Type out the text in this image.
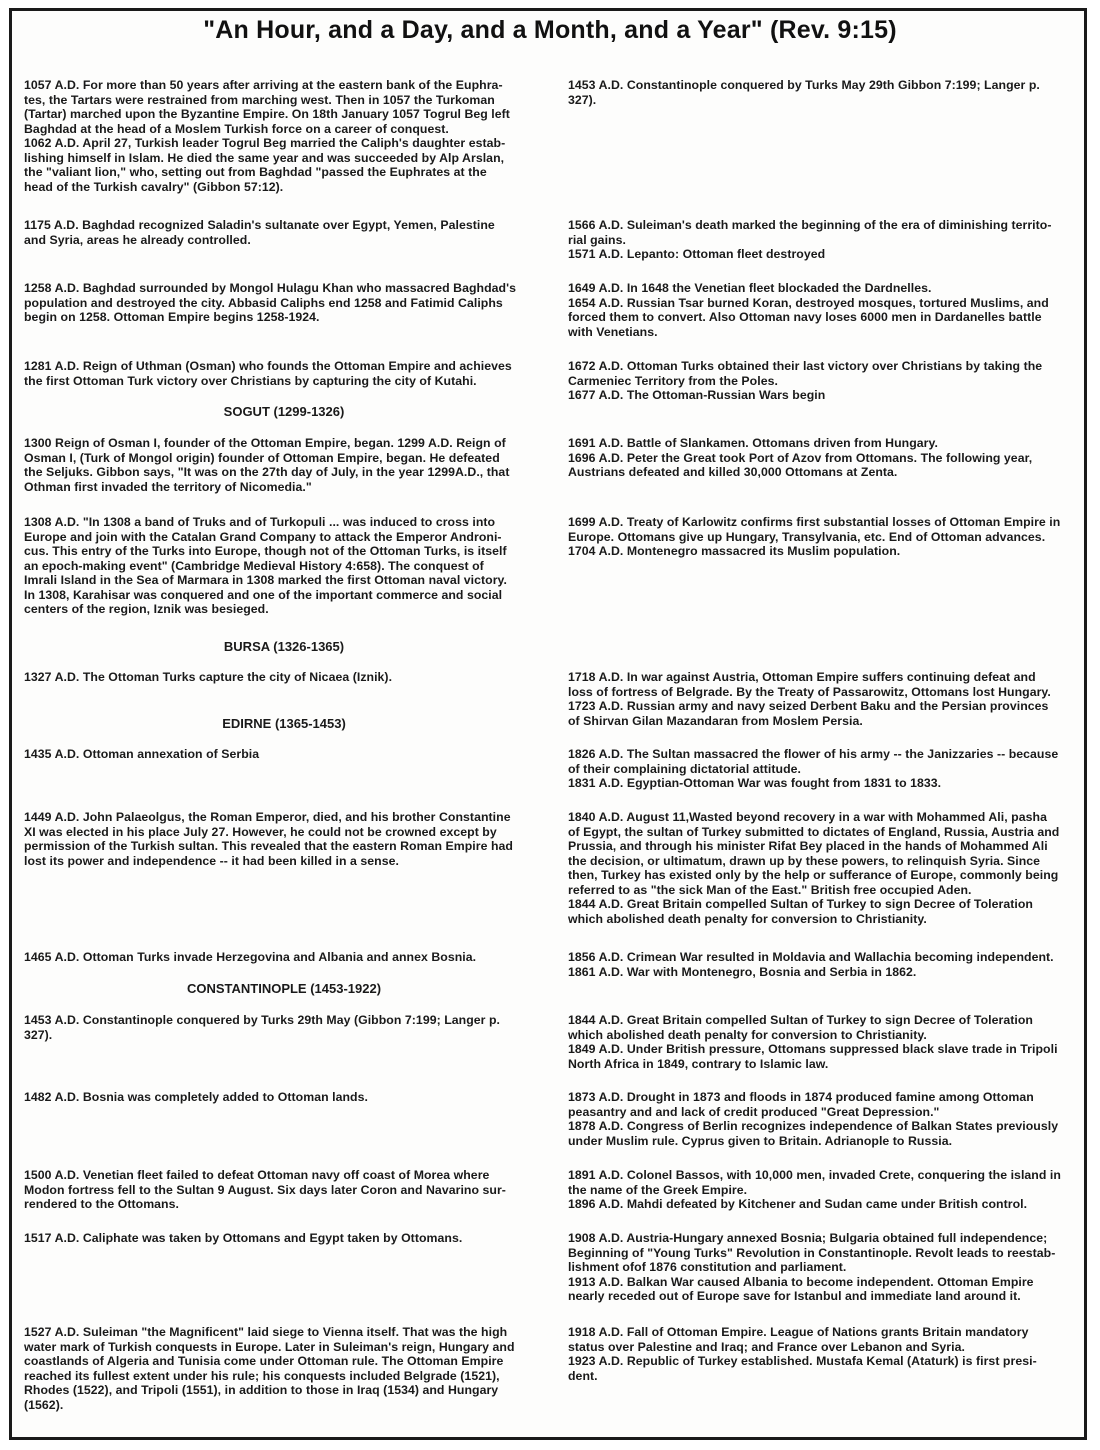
"An Hour, and a Day, and a Month, and a Year" (Rev. 9:15)
1057 A.D. For more than 50 years after arriving at the eastern bank of the Euphra-
tes, the Tartars were restrained from marching west. Then in 1057 the Turkoman
(Tartar) marched upon the Byzantine Empire. On 18th January 1057 Togrul Beg left
Baghdad at the head of a Moslem Turkish force on a career of conquest.
1062 A.D. April 27, Turkish leader Togrul Beg married the Caliph's daughter estab-
lishing himself in Islam. He died the same year and was succeeded by Alp Arslan,
the "valiant lion," who, setting out from Baghdad "passed the Euphrates at the
head of the Turkish cavalry" (Gibbon 57:12).
1175 A.D. Baghdad recognized Saladin's sultanate over Egypt, Yemen, Palestine
and Syria, areas he already controlled.
1258 A.D. Baghdad surrounded by Mongol Hulagu Khan who massacred Baghdad's
population and destroyed the city. Abbasid Caliphs end 1258 and Fatimid Caliphs
begin on 1258. Ottoman Empire begins 1258-1924.
1281 A.D. Reign of Uthman (Osman) who founds the Ottoman Empire and achieves
the first Ottoman Turk victory over Christians by capturing the city of Kutahi.
SOGUT (1299-1326)
1300 Reign of Osman I, founder of the Ottoman Empire, began. 1299 A.D. Reign of
Osman I, (Turk of Mongol origin) founder of Ottoman Empire, began. He defeated
the Seljuks. Gibbon says, "It was on the 27th day of July, in the year 1299A.D., that
Othman first invaded the territory of Nicomedia."
1308 A.D. "In 1308 a band of Truks and of Turkopuli ... was induced to cross into
Europe and join with the Catalan Grand Company to attack the Emperor Androni-
cus. This entry of the Turks into Europe, though not of the Ottoman Turks, is itself
an epoch-making event" (Cambridge Medieval History 4:658). The conquest of
Imrali Island in the Sea of Marmara in 1308 marked the first Ottoman naval victory.
In 1308, Karahisar was conquered and one of the important commerce and social
centers of the region, Iznik was besieged.
BURSA (1326-1365)
1327 A.D. The Ottoman Turks capture the city of Nicaea (Iznik).
EDIRNE (1365-1453)
1435 A.D. Ottoman annexation of Serbia
1449 A.D. John Palaeolgus, the Roman Emperor, died, and his brother Constantine
XI was elected in his place July 27. However, he could not be crowned except by
permission of the Turkish sultan. This revealed that the eastern Roman Empire had
lost its power and independence -- it had been killed in a sense.
1465 A.D. Ottoman Turks invade Herzegovina and Albania and annex Bosnia.
CONSTANTINOPLE (1453-1922)
1453 A.D. Constantinople conquered by Turks 29th May (Gibbon 7:199; Langer p.
327).
1482 A.D. Bosnia was completely added to Ottoman lands.
1500 A.D. Venetian fleet failed to defeat Ottoman navy off coast of Morea where
Modon fortress fell to the Sultan 9 August. Six days later Coron and Navarino sur-
rendered to the Ottomans.
1517 A.D. Caliphate was taken by Ottomans and Egypt taken by Ottomans.
1527 A.D. Suleiman "the Magnificent" laid siege to Vienna itself. That was the high
water mark of Turkish conquests in Europe. Later in Suleiman's reign, Hungary and
coastlands of Algeria and Tunisia come under Ottoman rule. The Ottoman Empire
reached its fullest extent under his rule; his conquests included Belgrade (1521),
Rhodes (1522), and Tripoli (1551), in addition to those in Iraq (1534) and Hungary
(1562).
1453 A.D. Constantinople conquered by Turks May 29th Gibbon 7:199; Langer p.
327).
1566 A.D. Suleiman's death marked the beginning of the era of diminishing territo-
rial gains.
1571 A.D. Lepanto: Ottoman fleet destroyed
1649 A.D. In 1648 the Venetian fleet blockaded the Dardnelles.
1654 A.D. Russian Tsar burned Koran, destroyed mosques, tortured Muslims, and
forced them to convert. Also Ottoman navy loses 6000 men in Dardanelles battle
with Venetians.
1672 A.D. Ottoman Turks obtained their last victory over Christians by taking the
Carmeniec Territory from the Poles.
1677 A.D. The Ottoman-Russian Wars begin
1691 A.D. Battle of Slankamen. Ottomans driven from Hungary.
1696 A.D. Peter the Great took Port of Azov from Ottomans. The following year,
Austrians defeated and killed 30,000 Ottomans at Zenta.
1699 A.D. Treaty of Karlowitz confirms first substantial losses of Ottoman Empire in
Europe. Ottomans give up Hungary, Transylvania, etc. End of Ottoman advances.
1704 A.D. Montenegro massacred its Muslim population.
1718 A.D. In war against Austria, Ottoman Empire suffers continuing defeat and
loss of fortress of Belgrade. By the Treaty of Passarowitz, Ottomans lost Hungary.
1723 A.D. Russian army and navy seized Derbent Baku and the Persian provinces
of Shirvan Gilan Mazandaran from Moslem Persia.
1826 A.D. The Sultan massacred the flower of his army -- the Janizzaries -- because
of their complaining dictatorial attitude.
1831 A.D. Egyptian-Ottoman War was fought from 1831 to 1833.
1840 A.D. August 11,Wasted beyond recovery in a war with Mohammed Ali, pasha
of Egypt, the sultan of Turkey submitted to dictates of England, Russia, Austria and
Prussia, and through his minister Rifat Bey placed in the hands of Mohammed Ali
the decision, or ultimatum, drawn up by these powers, to relinquish Syria. Since
then, Turkey has existed only by the help or sufferance of Europe, commonly being
referred to as "the sick Man of the East." British free occupied Aden.
1844 A.D. Great Britain compelled Sultan of Turkey to sign Decree of Toleration
which abolished death penalty for conversion to Christianity.
1856 A.D. Crimean War resulted in Moldavia and Wallachia becoming independent.
1861 A.D. War with Montenegro, Bosnia and Serbia in 1862.
1844 A.D. Great Britain compelled Sultan of Turkey to sign Decree of Toleration
which abolished death penalty for conversion to Christianity.
1849 A.D. Under British pressure, Ottomans suppressed black slave trade in Tripoli
North Africa in 1849, contrary to Islamic law.
1873 A.D. Drought in 1873 and floods in 1874 produced famine among Ottoman
peasantry and and lack of credit produced "Great Depression."
1878 A.D. Congress of Berlin recognizes independence of Balkan States previously
under Muslim rule. Cyprus given to Britain. Adrianople to Russia.
1891 A.D. Colonel Bassos, with 10,000 men, invaded Crete, conquering the island in
the name of the Greek Empire.
1896 A.D. Mahdi defeated by Kitchener and Sudan came under British control.
1908 A.D. Austria-Hungary annexed Bosnia; Bulgaria obtained full independence;
Beginning of "Young Turks" Revolution in Constantinople. Revolt leads to reestab-
lishment ofof 1876 constitution and parliament.
1913 A.D. Balkan War caused Albania to become independent. Ottoman Empire
nearly receded out of Europe save for Istanbul and immediate land around it.
1918 A.D. Fall of Ottoman Empire. League of Nations grants Britain mandatory
status over Palestine and Iraq; and France over Lebanon and Syria.
1923 A.D. Republic of Turkey established. Mustafa Kemal (Ataturk) is first presi-
dent.
